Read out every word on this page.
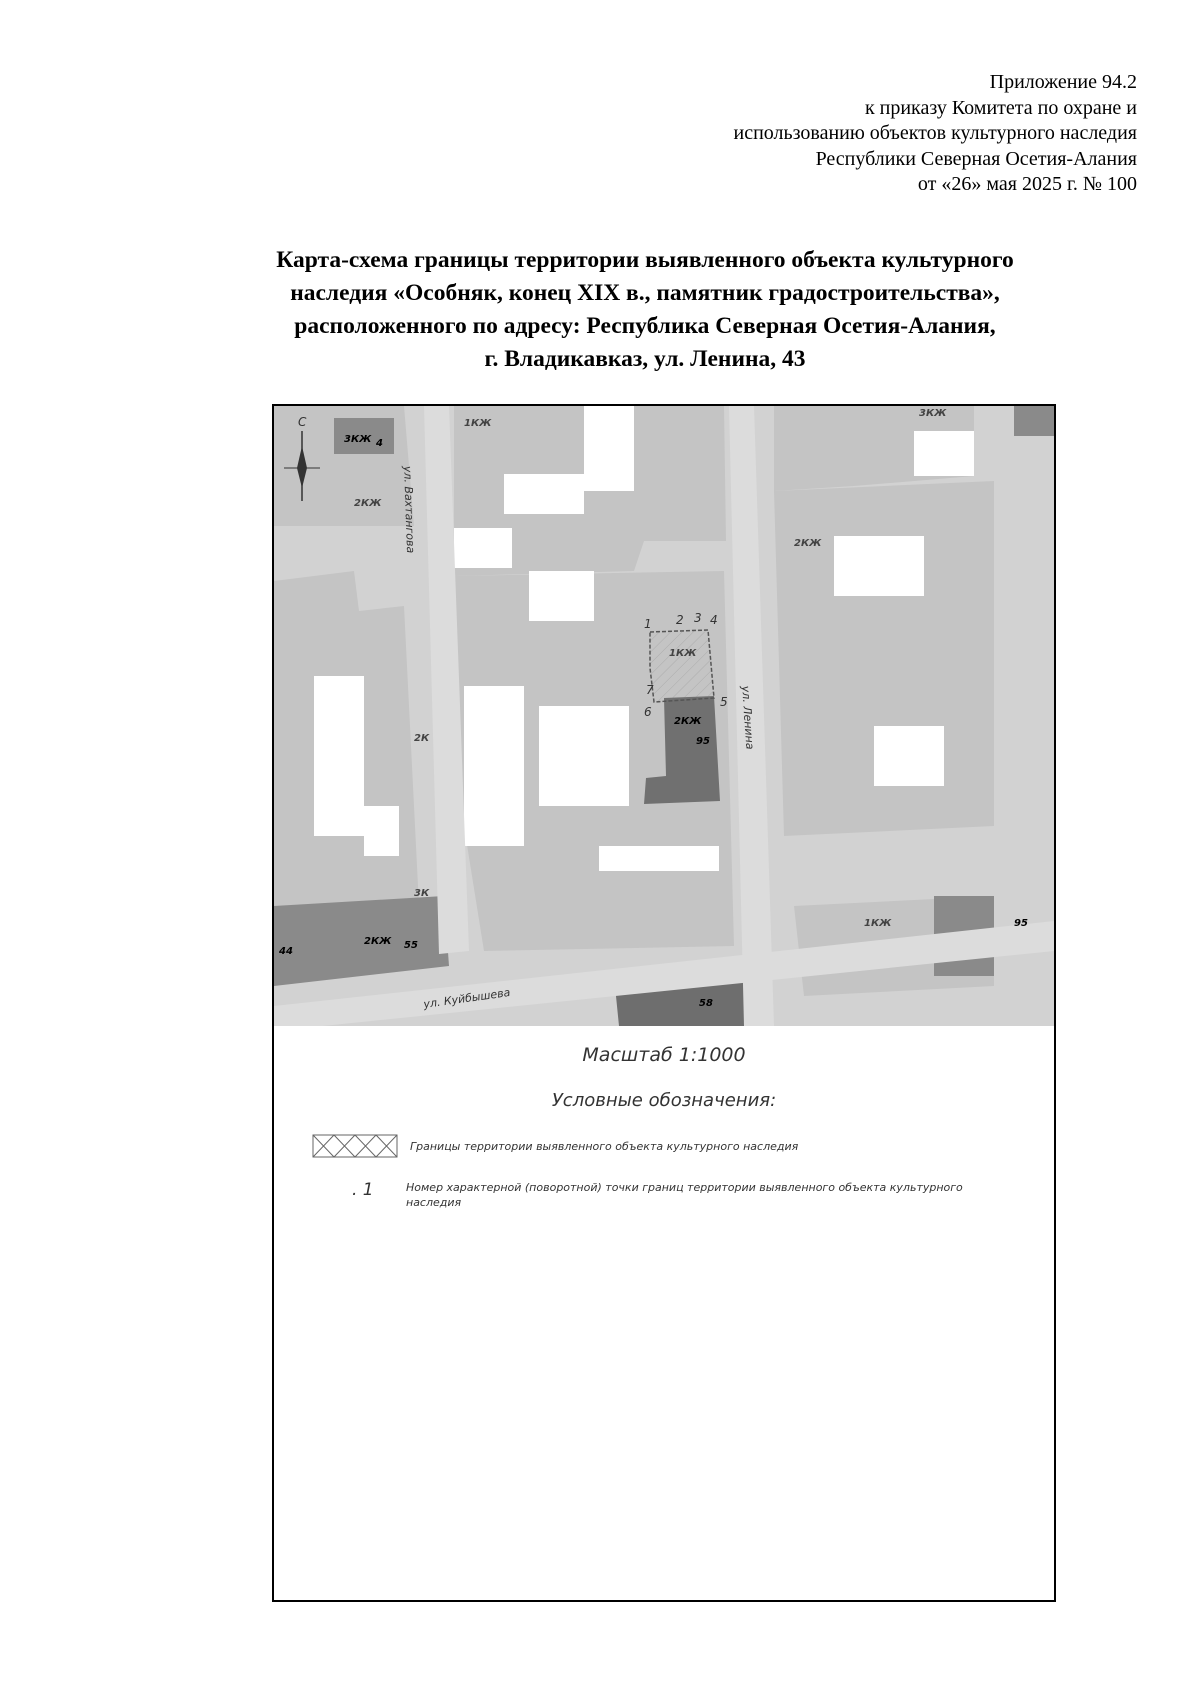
Приложение 94.2
к приказу Комитета по охране и
использованию объектов культурного наследия
Республики Северная Осетия-Алания
от «26» мая 2025 г. № 100
Карта-схема границы территории выявленного объекта культурного
наследия «Особняк, конец XIX в., памятник градостроительства»,
расположенного по адресу: Республика Северная Осетия-Алания,
г. Владикавказ, ул. Ленина, 43
С
ул. Вахтангова
ул. Ленина
ул. Куйбышева
1КЖ
3КЖ
2КЖ
2К
3К
2КЖ
1КЖ
2КЖ
95
55
44
58
4
95
3КЖ
2КЖ
1КЖ
1 2 3 4
5
6
7
Масштаб 1:1000
Условные обозначения:
Границы территории выявленного объекта культурного наследия
. 1	Номер характерной (поворотной) точки границ территории выявленного объекта культурного наследия
